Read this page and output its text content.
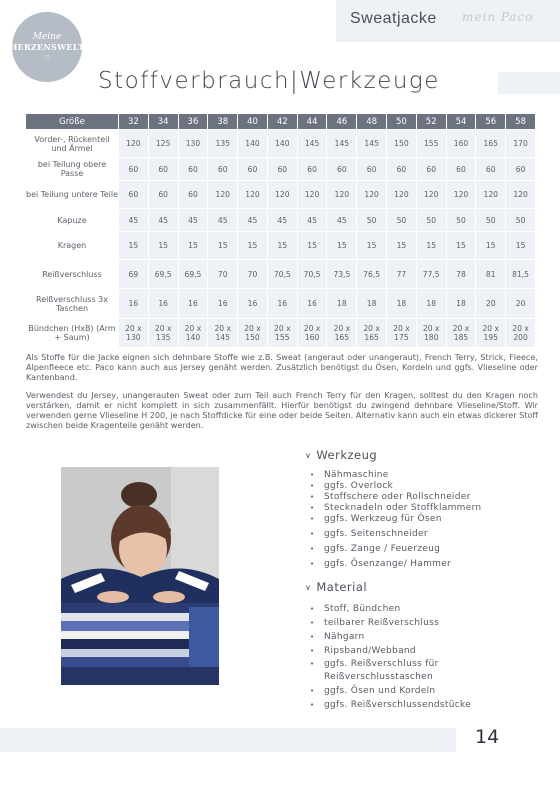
Sweatjacke mein Paco
Meine
HERZENSWELT
♡
Stoffverbrauch|Werkzeuge
Größe	32	34	36	38	40	42	44	46	48	50	52	54	56	58
Vorder-, Rückenteil und Ärmel	120	125	130	135	140	140	145	145	145	150	155	160	165	170
bei Teilung obere Passe	60	60	60	60	60	60	60	60	60	60	60	60	60	60
bei Teilung untere Teile	60	60	60	120	120	120	120	120	120	120	120	120	120	120
Kapuze	45	45	45	45	45	45	45	45	50	50	50	50	50	50
Kragen	15	15	15	15	15	15	15	15	15	15	15	15	15	15
Reißverschluss	69	69,5	69,5	70	70	70,5	70,5	73,5	76,5	77	77,5	78	81	81,5
Reißverschluss 3x Taschen	16	16	16	16	16	16	16	18	18	18	18	18	20	20
Bündchen (HxB) (Arm + Saum)	20 x 130	20 x 135	20 x 140	20 x 145	20 x 150	20 x 155	20 x 160	20 x 165	20 x 165	20 x 175	20 x 180	20 x 185	20 x 195	20 x 200
Als Stoffe für die Jacke eignen sich dehnbare Stoffe wie z.B. Sweat (angeraut oder unangeraut), French Terry, Strick, Fleece, Alpenfleece etc. Paco kann auch aus Jersey genäht werden. Zusätzlich benötigst du Ösen, Kordeln und ggfs. Vlieseline oder Kantenband.
Verwendest du Jersey, unangerauten Sweat oder zum Teil auch French Terry für den Kragen, solltest du den Kragen noch verstärken, damit er nicht komplett in sich zusammenfällt. Hierfür benötigst du zwingend dehnbare Vlieseline/Stoff. Wir verwenden gerne Vlieseline H 200, je nach Stoffdicke für eine oder beide Seiten. Alternativ kann auch ein etwas dickerer Stoff zwischen beide Kragenteile genäht werden.
∨ Werkzeug
• Nähmaschine
• ggfs. Overlock
• Stoffschere oder Rollschneider
• Stecknadeln oder Stoffklammern
• ggfs. Werkzeug für Ösen
• ggfs. Seitenschneider
• ggfs. Zange / Feuerzeug
• ggfs. Ösenzange/ Hammer
∨ Material
• Stoff, Bündchen
• teilbarer Reißverschluss
• Nähgarn
• Ripsband/Webband
• ggfs. Reißverschluss für Reißverschlusstaschen
• ggfs. Ösen und Kordeln
• ggfs. Reißverschlussendstücke
14
